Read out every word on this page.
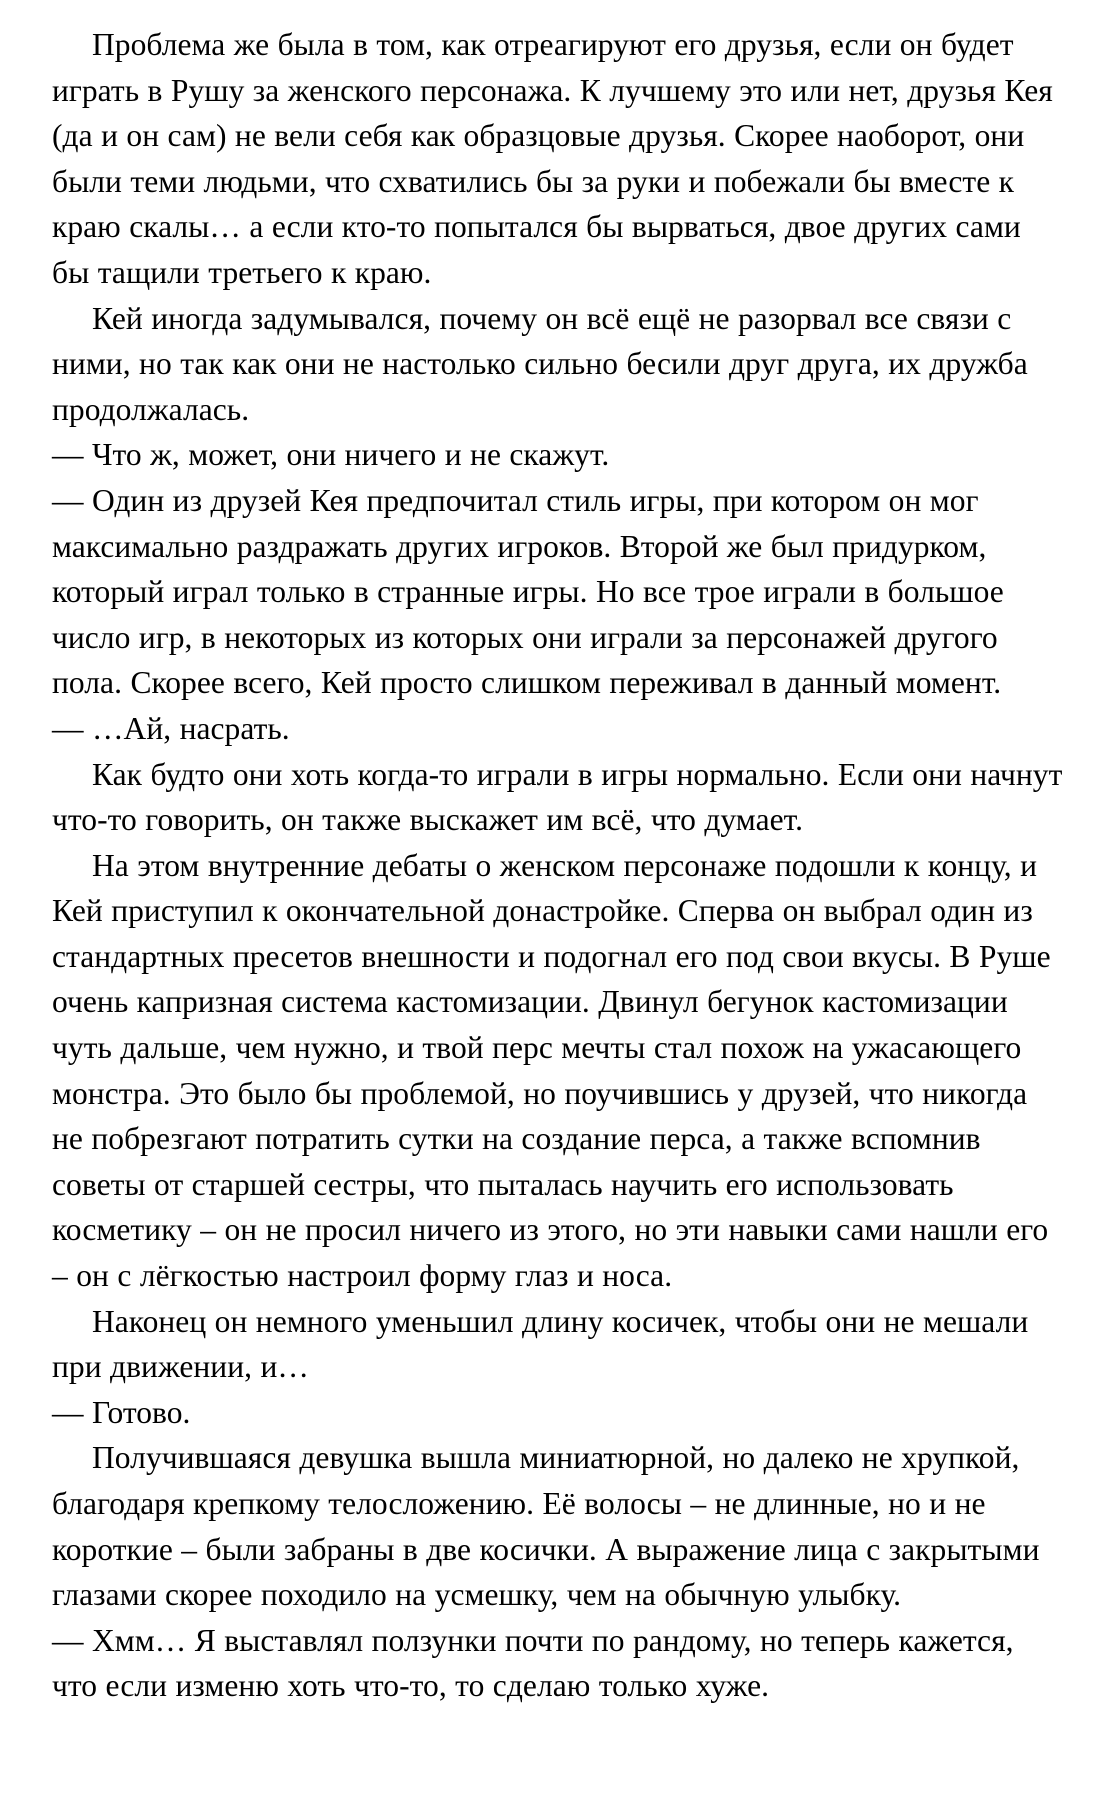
Проблема же была в том, как отреагируют его друзья, если он будет играть в Рушу за женского персонажа. К лучшему это или нет, друзья Кея (да и он сам) не вели себя как образцовые друзья. Скорее наоборот, они были теми людьми, что схватились бы за руки и побежали бы вместе к краю скалы… а если кто-то попытался бы вырваться, двое других сами бы тащили третьего к краю.

Кей иногда задумывался, почему он всё ещё не разорвал все связи с ними, но так как они не настолько сильно бесили друг друга, их дружба продолжалась.

— Что ж, может, они ничего и не скажут.

— Один из друзей Кея предпочитал стиль игры, при котором он мог максимально раздражать других игроков. Второй же был придурком, который играл только в странные игры. Но все трое играли в большое число игр, в некоторых из которых они играли за персонажей другого пола. Скорее всего, Кей просто слишком переживал в данный момент.

— …Ай, насрать.

Как будто они хоть когда-то играли в игры нормально. Если они начнут что-то говорить, он также выскажет им всё, что думает.

На этом внутренние дебаты о женском персонаже подошли к концу, и Кей приступил к окончательной донастройке. Сперва он выбрал один из стандартных пресетов внешности и подогнал его под свои вкусы. В Руше очень капризная система кастомизации. Двинул бегунок кастомизации чуть дальше, чем нужно, и твой перс мечты стал похож на ужасающего монстра. Это было бы проблемой, но поучившись у друзей, что никогда не побрезгают потратить сутки на создание перса, а также вспомнив советы от старшей сестры, что пыталась научить его использовать косметику – он не просил ничего из этого, но эти навыки сами нашли его – он с лёгкостью настроил форму глаз и носа.

Наконец он немного уменьшил длину косичек, чтобы они не мешали при движении, и…

— Готово.

Получившаяся девушка вышла миниатюрной, но далеко не хрупкой, благодаря крепкому телосложению. Её волосы – не длинные, но и не короткие – были забраны в две косички. А выражение лица с закрытыми глазами скорее походило на усмешку, чем на обычную улыбку.

— Хмм… Я выставлял ползунки почти по рандому, но теперь кажется, что если изменю хоть что-то, то сделаю только хуже.
